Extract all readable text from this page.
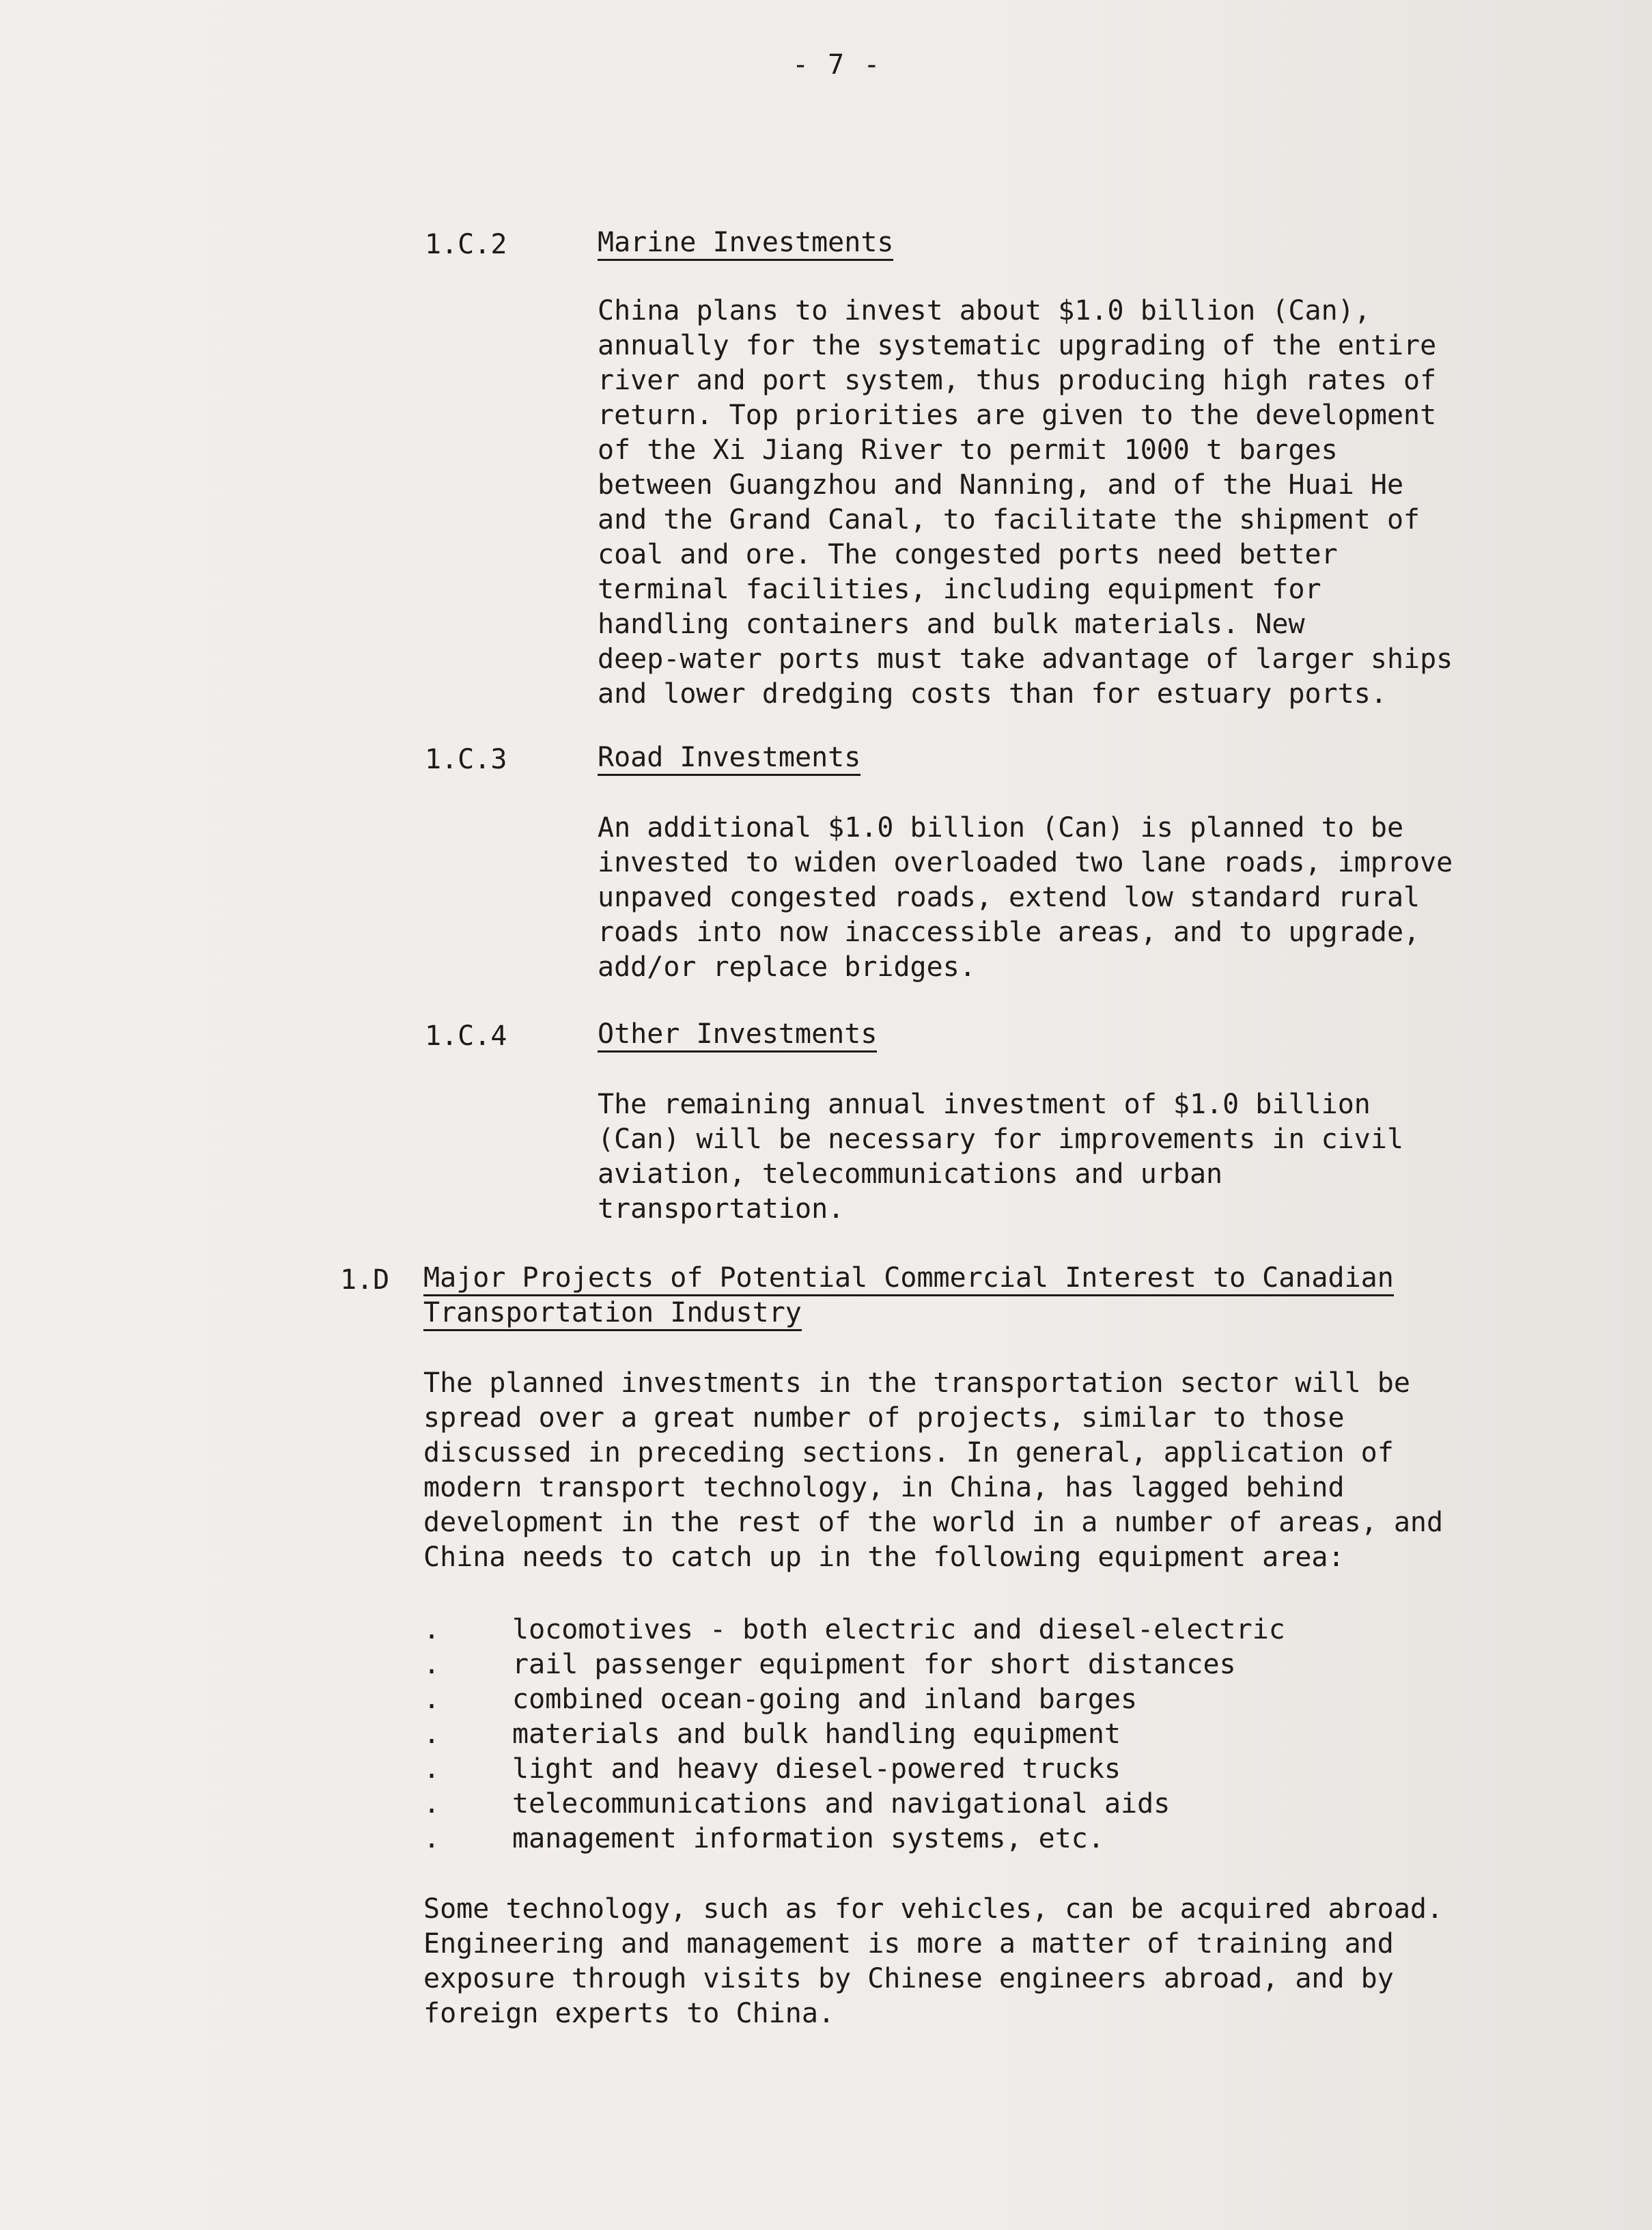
- 7 -
1.C.2	Marine Investments
China plans to invest about $1.0 billion (Can),
annually for the systematic upgrading of the entire
river and port system, thus producing high rates of
return. Top priorities are given to the development
of the Xi Jiang River to permit 1000 t barges
between Guangzhou and Nanning, and of the Huai He
and the Grand Canal, to facilitate the shipment of
coal and ore. The congested ports need better
terminal facilities, including equipment for
handling containers and bulk materials. New
deep-water ports must take advantage of larger ships
and lower dredging costs than for estuary ports.
1.C.3	Road Investments
An additional $1.0 billion (Can) is planned to be
invested to widen overloaded two lane roads, improve
unpaved congested roads, extend low standard rural
roads into now inaccessible areas, and to upgrade,
add/or replace bridges.
1.C.4	Other Investments
The remaining annual investment of $1.0 billion
(Can) will be necessary for improvements in civil
aviation, telecommunications and urban
transportation.
1.D Major Projects of Potential Commercial Interest to Canadian
Transportation Industry
The planned investments in the transportation sector will be
spread over a great number of projects, similar to those
discussed in preceding sections. In general, application of
modern transport technology, in China, has lagged behind
development in the rest of the world in a number of areas, and
China needs to catch up in the following equipment area:
.	locomotives - both electric and diesel-electric
.	rail passenger equipment for short distances
.	combined ocean-going and inland barges
.	materials and bulk handling equipment
.	light and heavy diesel-powered trucks
.	telecommunications and navigational aids
.	management information systems, etc.
Some technology, such as for vehicles, can be acquired abroad.
Engineering and management is more a matter of training and
exposure through visits by Chinese engineers abroad, and by
foreign experts to China.
